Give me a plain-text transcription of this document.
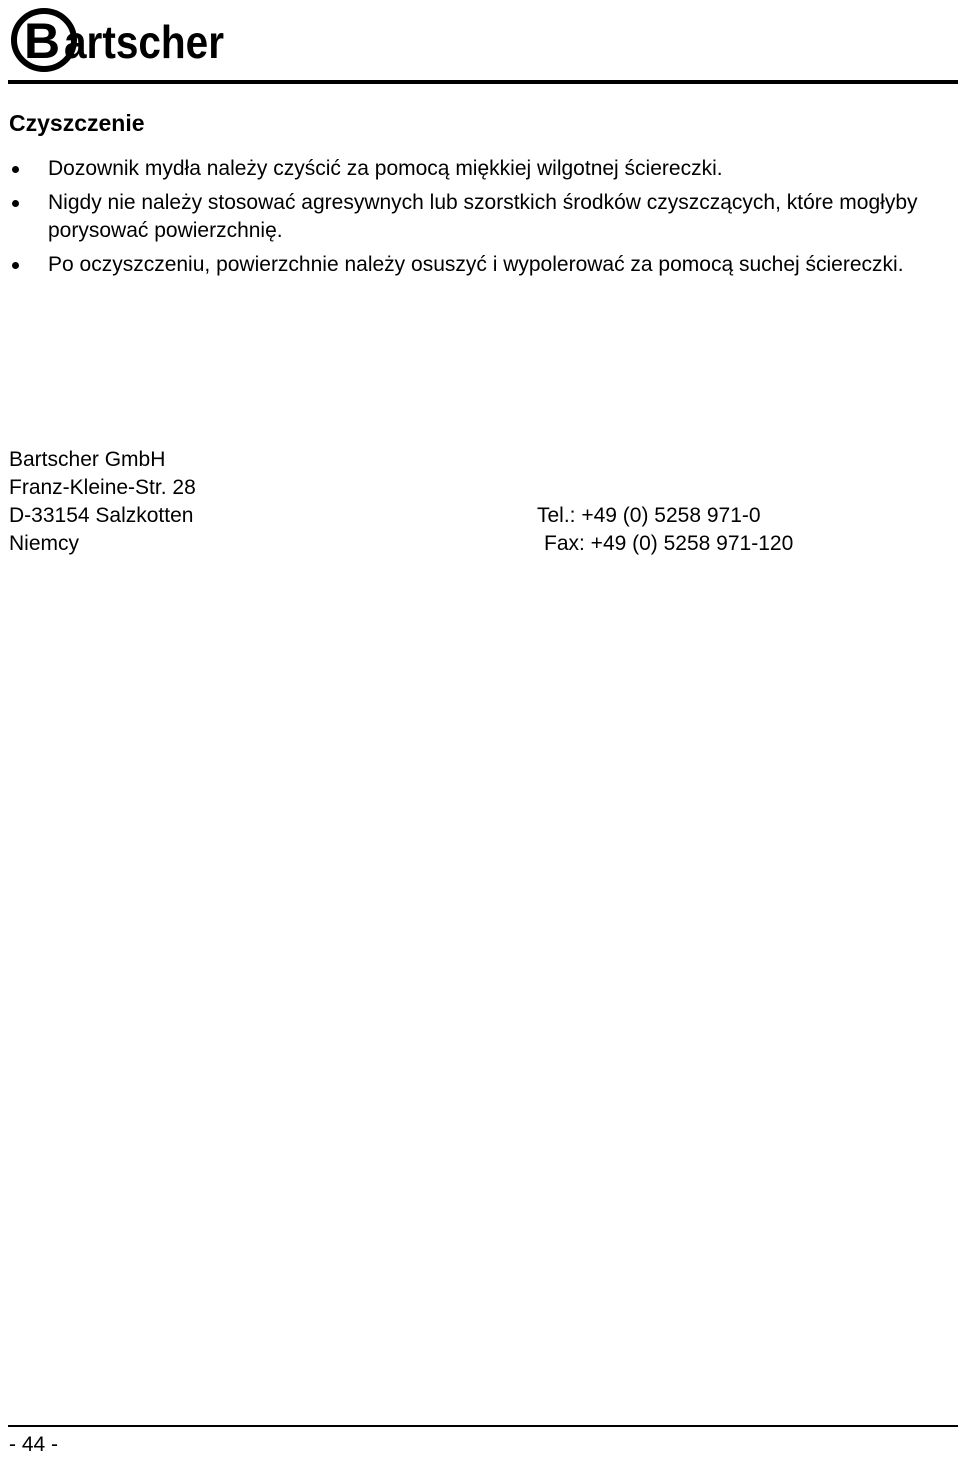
B artscher
Czyszczenie
Dozownik mydła należy czyścić za pomocą miękkiej wilgotnej ściereczki.
Nigdy nie należy stosować agresywnych lub szorstkich środków czyszczących, które mogłyby porysować powierzchnię.
Po oczyszczeniu, powierzchnie należy osuszyć i wypolerować za pomocą suchej ściereczki.
Bartscher GmbH
Franz-Kleine-Str. 28
D-33154 Salzkotten	Tel.: +49 (0) 5258 971-0
Niemcy	Fax: +49 (0) 5258 971-120
- 44 -
